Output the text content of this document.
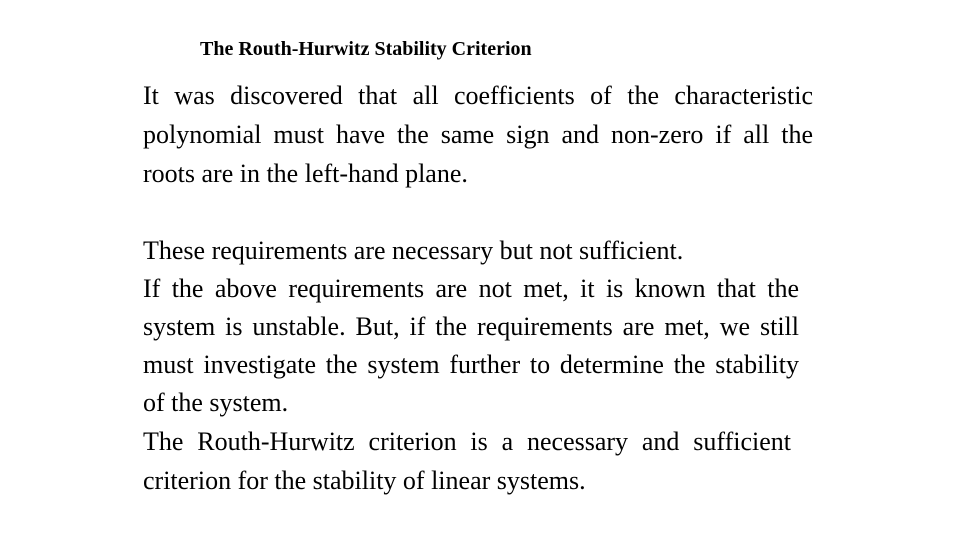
The Routh-Hurwitz Stability Criterion

It was discovered that all coefficients of the characteristic polynomial must have the same sign and non-zero if all the roots are in the left-hand plane.

These requirements are necessary but not sufficient.

If the above requirements are not met, it is known that the system is unstable. But, if the requirements are met, we still must investigate the system further to determine the stability of the system.

The Routh-Hurwitz criterion is a necessary and sufficient criterion for the stability of linear systems.
